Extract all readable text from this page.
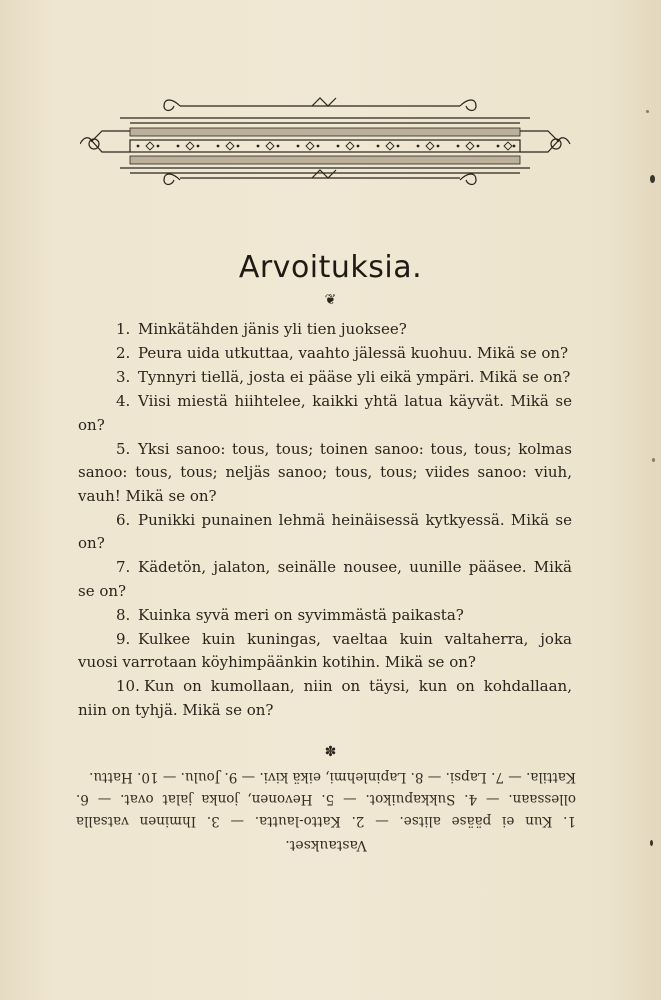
Arvoituksia.
❦

1. Minkätähden jänis yli tien juoksee?

2. Peura uida utkuttaa, vaahto jälessä kuohuu. Mikä se on?

3. Tynnyri tiellä, josta ei pääse yli eikä ympäri. Mikä se on?

4. Viisi miestä hiihtelee, kaikki yhtä latua käyvät. Mikä se on?

5. Yksi sanoo: tous, tous; toinen sanoo: tous, tous; kolmas sanoo: tous, tous; neljäs sanoo; tous, tous; viides sanoo: viuh, vauh! Mikä se on?

6. Punikki punainen lehmä heinäisessä kytkyessä. Mikä se on?

7. Kädetön, jalaton, seinälle nousee, uunille pääsee. Mikä se on?

8. Kuinka syvä meri on syvimmästä paikasta?

9. Kulkee kuin kuningas, vaeltaa kuin valtaherra, joka vuosi varrotaan köyhimpäänkin kotihin. Mikä se on?

10. Kun on kumollaan, niin on täysi, kun on kohdallaan, niin on tyhjä. Mikä se on?

✽
Vastaukset.
1. Kun ei pääse alitse. — 2. Katto-lautta. — 3. Ihminen vatsalla ollessaan. — 4. Sukkapuikot. — 5. Hevonen, jonka jalat ovat. — 6. Kattila. — 7. Lapsi. — 8. Lapinlehmi, eikä kivi. — 9. Joulu. — 10. Hattu.
